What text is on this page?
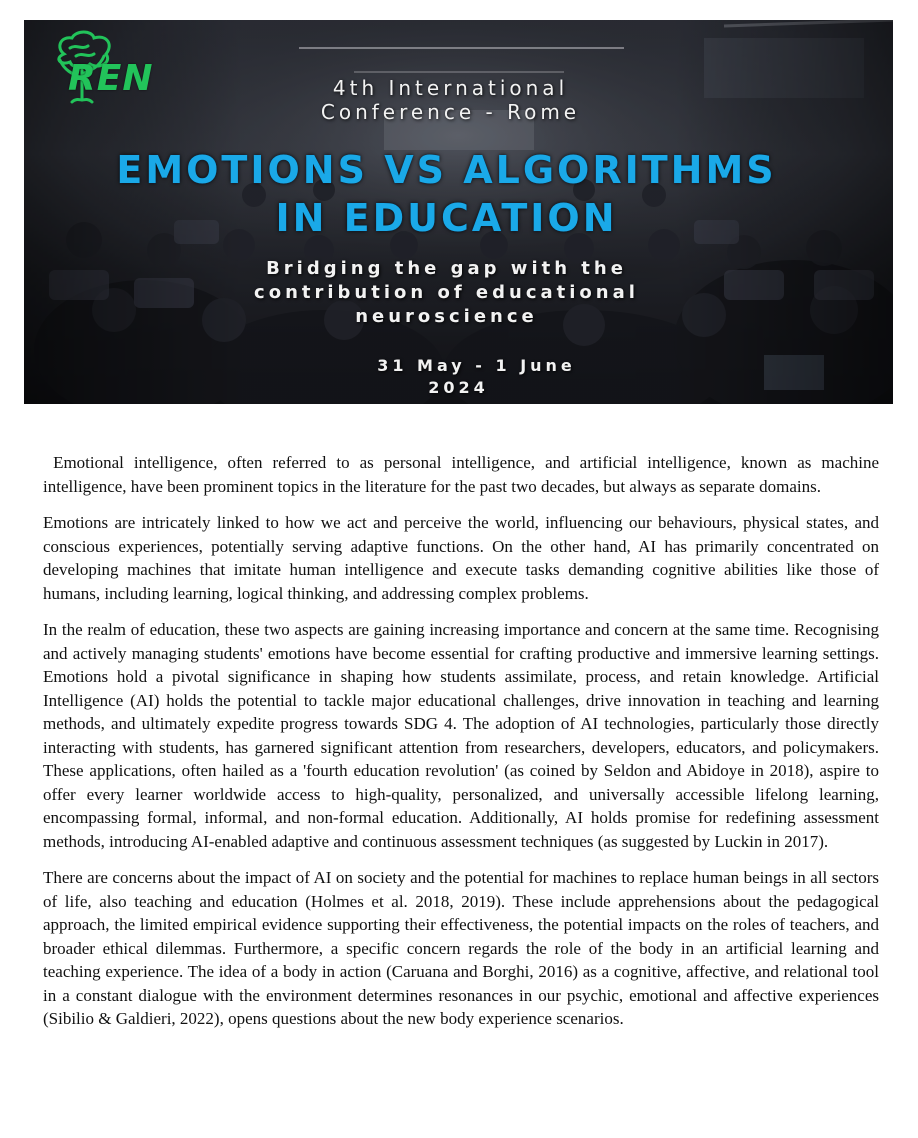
REN	4th International
Conference - Rome
EMOTIONS VS ALGORITHMS
IN EDUCATION
Bridging the gap with the
contribution of educational
neuroscience
31 May - 1 June
2024

Emotional intelligence, often referred to as personal intelligence, and artificial intelligence, known as machine intelligence, have been prominent topics in the literature for the past two decades, but always as separate domains.

Emotions are intricately linked to how we act and perceive the world, influencing our behaviours, physical states, and conscious experiences, potentially serving adaptive functions. On the other hand, AI has primarily concentrated on developing machines that imitate human intelligence and execute tasks demanding cognitive abilities like those of humans, including learning, logical thinking, and addressing complex problems.

In the realm of education, these two aspects are gaining increasing importance and concern at the same time. Recognising and actively managing students' emotions have become essential for crafting productive and immersive learning settings. Emotions hold a pivotal significance in shaping how students assimilate, process, and retain knowledge. Artificial Intelligence (AI) holds the potential to tackle major educational challenges, drive innovation in teaching and learning methods, and ultimately expedite progress towards SDG 4. The adoption of AI technologies, particularly those directly interacting with students, has garnered significant attention from researchers, developers, educators, and policymakers. These applications, often hailed as a 'fourth education revolution' (as coined by Seldon and Abidoye in 2018), aspire to offer every learner worldwide access to high-quality, personalized, and universally accessible lifelong learning, encompassing formal, informal, and non-formal education. Additionally, AI holds promise for redefining assessment methods, introducing AI-enabled adaptive and continuous assessment techniques (as suggested by Luckin in 2017).

There are concerns about the impact of AI on society and the potential for machines to replace human beings in all sectors of life, also teaching and education (Holmes et al. 2018, 2019). These include apprehensions about the pedagogical approach, the limited empirical evidence supporting their effectiveness, the potential impacts on the roles of teachers, and broader ethical dilemmas. Furthermore, a specific concern regards the role of the body in an artificial learning and teaching experience. The idea of a body in action (Caruana and Borghi, 2016) as a cognitive, affective, and relational tool in a constant dialogue with the environment determines resonances in our psychic, emotional and affective experiences (Sibilio & Galdieri, 2022), opens questions about the new body experience scenarios.
